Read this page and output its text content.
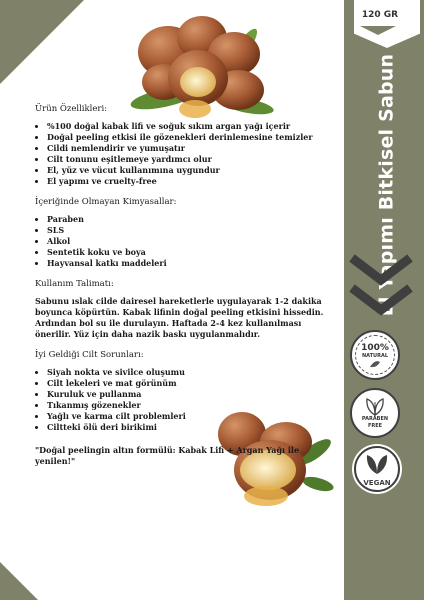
120 GR
El Yapımı Bitkisel Sabun
100%
NATURAL
PARABEN
FREE
VEGAN
Ürün Özellikleri:
• %100 doğal kabak lifi ve soğuk sıkım argan yağı içerir
• Doğal peeling etkisi ile gözenekleri derinlemesine temizler
• Cildi nemlendirir ve yumuşatır
• Cilt tonunu eşitlemeye yardımcı olur
• El, yüz ve vücut kullanımına uygundur
• El yapımı ve cruelty-free
İçeriğinde Olmayan Kimyasallar:
• Paraben
• SLS
• Alkol
• Sentetik koku ve boya
• Hayvansal katkı maddeleri
Kullanım Talimatı:

Sabunu ıslak cilde dairesel hareketlerle uygulayarak 1-2 dakika boyunca köpürtün. Kabak lifinin doğal peeling etkisini hissedin. Ardından bol su ile durulayın. Haftada 2-4 kez kullanılması önerilir. Yüz için daha nazik baskı uygulanmalıdır.

İyi Geldiği Cilt Sorunları:
• Siyah nokta ve sivilce oluşumu
• Cilt lekeleri ve mat görünüm
• Kuruluk ve pullanma
• Tıkanmış gözenekler
• Yağlı ve karma cilt problemleri
• Ciltteki ölü deri birikimi
"Doğal peelingin altın formülü: Kabak Lifi + Argan Yağı ile yenilen!"
